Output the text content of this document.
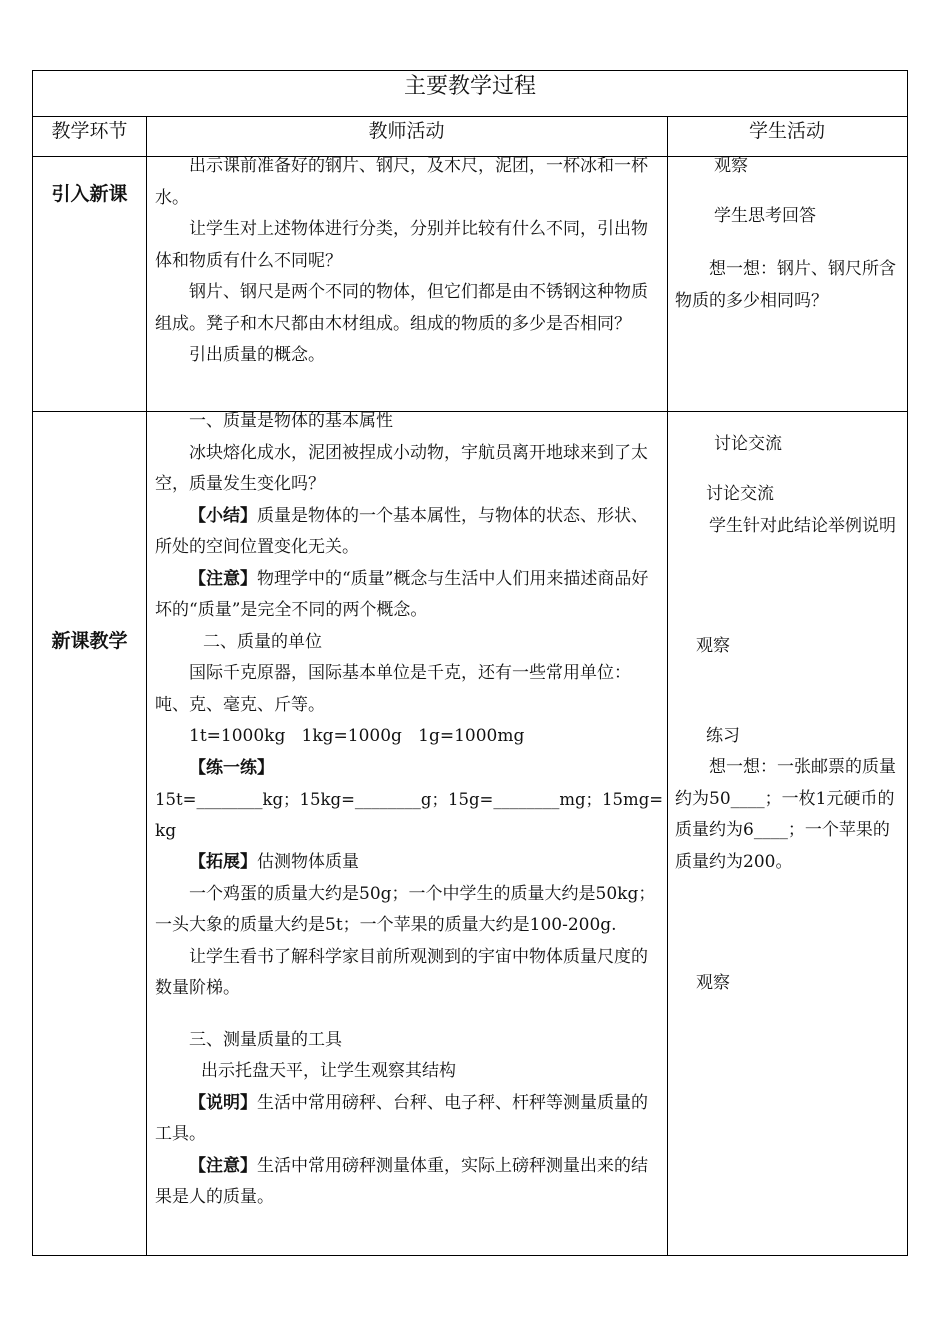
主要教学过程
教学环节	教师活动	学生活动
引入新课

出示课前准备好的钢片、钢尺，及木尺，泥团，一杯冰和一杯水。

让学生对上述物体进行分类，分别并比较有什么不同，引出物体和物质有什么不同呢？

钢片、钢尺是两个不同的物体，但它们都是由不锈钢这种物质组成。凳子和木尺都由木材组成。组成的物质的多少是否相同？

引出质量的概念。

观察
学生思考回答
想一想：钢片、钢尺所含物质的多少相同吗？
新课教学

一、质量是物体的基本属性

冰块熔化成水，泥团被捏成小动物，宇航员离开地球来到了太空，质量发生变化吗？

【小结】质量是物体的一个基本属性，与物体的状态、形状、所处的空间位置变化无关。

【注意】物理学中的“质量”概念与生活中人们用来描述商品好坏的“质量”是完全不同的两个概念。

二、质量的单位

国际千克原器，国际基本单位是千克，还有一些常用单位：吨、克、毫克、斤等。

1t=1000kg   1kg=1000g   1g=1000mg

【练一练】

15t=________kg；15kg=________g；15g=________mg；15mg=

kg

【拓展】估测物体质量

一个鸡蛋的质量大约是50g；一个中学生的质量大约是50kg；一头大象的质量大约是5t；一个苹果的质量大约是100-200g.

让学生看书了解科学家目前所观测到的宇宙中物体质量尺度的数量阶梯。

三、测量质量的工具

出示托盘天平，让学生观察其结构

【说明】生活中常用磅秤、台秤、电子秤、杆秤等测量质量的工具。

【注意】生活中常用磅秤测量体重，实际上磅秤测量出来的结果是人的质量。

讨论交流
讨论交流
学生针对此结论举例说明
观察
练习
想一想：一张邮票的质量约为50____；一枚1元硬币的质量约为6____；一个苹果的质量约为200。
观察
